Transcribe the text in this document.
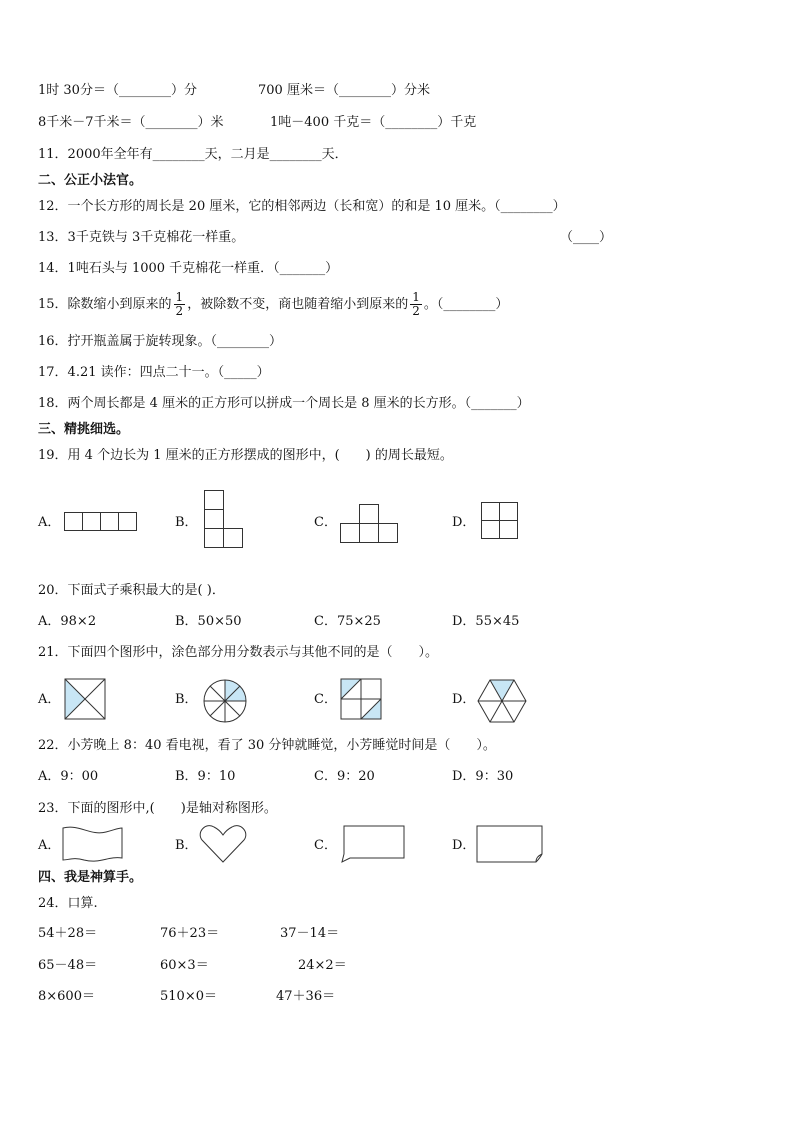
1时 30分＝（________）分	700 厘米＝（________）分米
8千米－7千米＝（________）米	1吨－400 千克＝（________）千克
11．2000年全年有________天，二月是________天．
二、公正小法官。
12．一个长方形的周长是 20 厘米，它的相邻两边（长和宽）的和是 10 厘米。（________）
13．3千克铁与 3千克棉花一样重。	（____）
14．1吨石头与 1000 千克棉花一样重．（_______）
15．除数缩小到原来的 $\frac{1}{2}$ ，被除数不变，商也随着缩小到原来的 $\frac{1}{2}$ 。（________）
16．拧开瓶盖属于旋转现象。（________）
17．4.21 读作：四点二十一。（_____）
18．两个周长都是 4 厘米的正方形可以拼成一个周长是 8 厘米的长方形。（_______）
三、精挑细选。
19．用 4 个边长为 1 厘米的正方形摆成的图形中，(　　) 的周长最短。
A．	B．	C．	D．
20．下面式子乘积最大的是( )．
A．98×2	B．50×50	C．75×25	D．55×45
21．下面四个图形中，涂色部分用分数表示与其他不同的是（　　）。
A．	B．	C．	D．
22．小芳晚上 8：40 看电视，看了 30 分钟就睡觉，小芳睡觉时间是（　　）。
A．9：00	B．9：10	C．9：20	D．9：30
23．下面的图形中,(　　)是轴对称图形。
A．	B．	C．	D．
四、我是神算手。
24．口算.
54＋28＝	76＋23＝	37－14＝
65－48＝	60×3＝	24×2＝
8×600＝	510×0＝	47＋36＝
